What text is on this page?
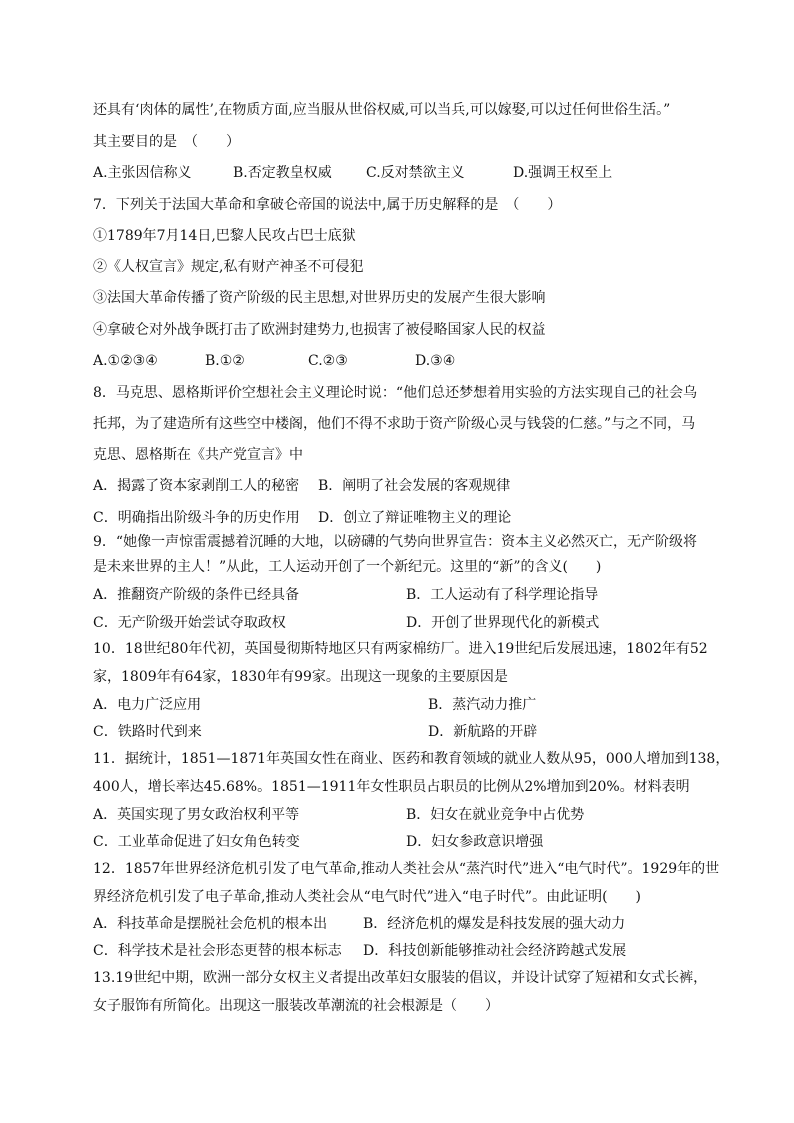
还具有‘肉体的属性’,在物质方面,应当服从世俗权威,可以当兵,可以嫁娶,可以过任何世俗生活。”
其主要目的是　（　　）
A.主张因信称义	B.否定教皇权威 C.反对禁欲主义	D.强调王权至上
7．下列关于法国大革命和拿破仑帝国的说法中,属于历史解释的是　（　　）
①1789年7月14日,巴黎人民攻占巴士底狱
②《人权宣言》规定,私有财产神圣不可侵犯
③法国大革命传播了资产阶级的民主思想,对世界历史的发展产生很大影响
④拿破仑对外战争既打击了欧洲封建势力,也损害了被侵略国家人民的权益
A.①②③④	B.①②	C.②③	D.③④
8．马克思、恩格斯评价空想社会主义理论时说：“他们总还梦想着用实验的方法实现自己的社会乌
托邦，为了建造所有这些空中楼阁，他们不得不求助于资产阶级心灵与钱袋的仁慈。”与之不同，马
克思、恩格斯在《共产党宣言》中
A．揭露了资本家剥削工人的秘密 B．阐明了社会发展的客观规律
C．明确指出阶级斗争的历史作用 D．创立了辩证唯物主义的理论
9．“她像一声惊雷震撼着沉睡的大地，以磅礴的气势向世界宣告：资本主义必然灭亡，无产阶级将
是未来世界的主人！”从此，工人运动开创了一个新纪元。这里的“新”的含义(　　)
A．推翻资产阶级的条件已经具备	B．工人运动有了科学理论指导
C．无产阶级开始尝试夺取政权	D．开创了世界现代化的新模式
10．18世纪80年代初，英国曼彻斯特地区只有两家棉纺厂。进入19世纪后发展迅速，1802年有52
家，1809年有64家，1830年有99家。出现这一现象的主要原因是
A．电力广泛应用	B．蒸汽动力推广
C．铁路时代到来	D．新航路的开辟
11．据统计，1851—1871年英国女性在商业、医药和教育领域的就业人数从95，000人增加到138，
400人，增长率达45.68%。1851—1911年女性职员占职员的比例从2%增加到20%。材料表明
A．英国实现了男女政治权利平等	B．妇女在就业竞争中占优势
C．工业革命促进了妇女角色转变	D．妇女参政意识增强
12．1857年世界经济危机引发了电气革命,推动人类社会从“蒸汽时代”进入“电气时代”。1929年的世
界经济危机引发了电子革命,推动人类社会从“电气时代”进入“电子时代”。由此证明(　　)
A．科技革命是摆脱社会危机的根本出	B．经济危机的爆发是科技发展的强大动力
C．科学技术是社会形态更替的根本标志 D．科技创新能够推动社会经济跨越式发展
13.19世纪中期，欧洲一部分女权主义者提出改革妇女服装的倡议，并设计试穿了短裙和女式长裤，
女子服饰有所简化。出现这一服装改革潮流的社会根源是（　　）
